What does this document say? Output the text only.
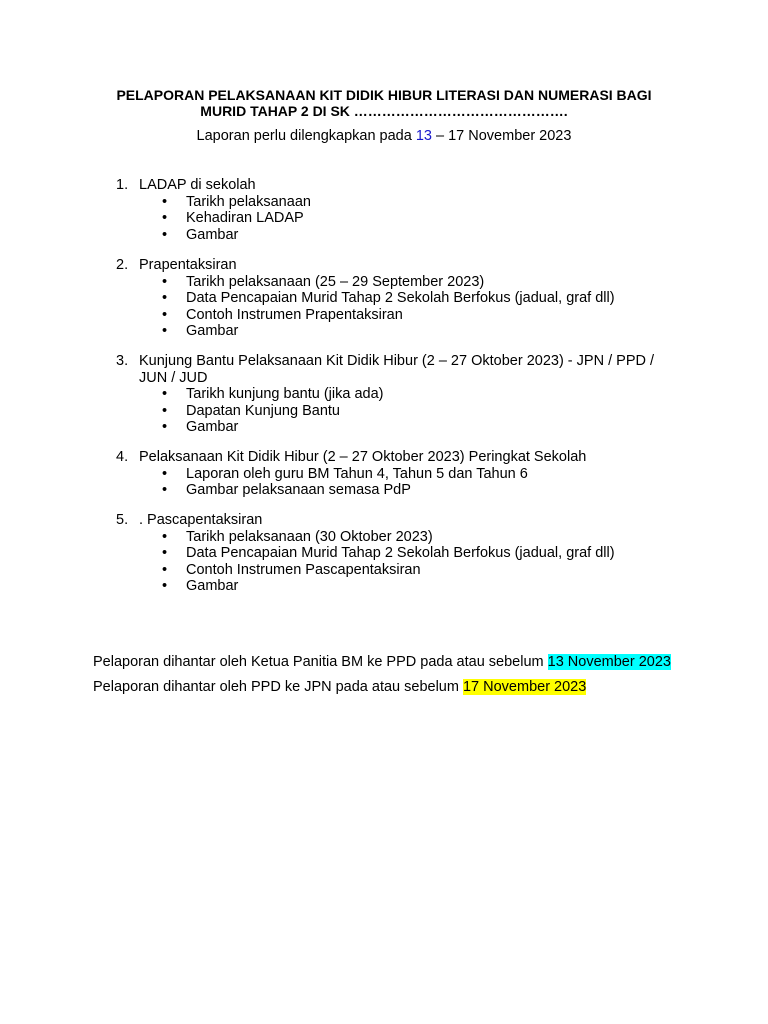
PELAPORAN PELAKSANAAN KIT DIDIK HIBUR LITERASI DAN NUMERASI BAGI
MURID TAHAP 2 DI SK ……………………………………….
Laporan perlu dilengkapkan pada 13 – 17 November 2023
1. LADAP di sekolah
• Tarikh pelaksanaan
• Kehadiran LADAP
• Gambar
2. Prapentaksiran
• Tarikh pelaksanaan (25 – 29 September 2023)
• Data Pencapaian Murid Tahap 2 Sekolah Berfokus (jadual, graf dll)
• Contoh Instrumen Prapentaksiran
• Gambar
3. Kunjung Bantu Pelaksanaan Kit Didik Hibur (2 – 27 Oktober 2023) - JPN / PPD / JUN / JUD
• Tarikh kunjung bantu (jika ada)
• Dapatan Kunjung Bantu
• Gambar
4. Pelaksanaan Kit Didik Hibur (2 – 27 Oktober 2023) Peringkat Sekolah
• Laporan oleh guru BM Tahun 4, Tahun 5 dan Tahun 6
• Gambar pelaksanaan semasa PdP
5. . Pascapentaksiran
• Tarikh pelaksanaan (30 Oktober 2023)
• Data Pencapaian Murid Tahap 2 Sekolah Berfokus (jadual, graf dll)
• Contoh Instrumen Pascapentaksiran
• Gambar
Pelaporan dihantar oleh Ketua Panitia BM ke PPD pada atau sebelum 13 November 2023
Pelaporan dihantar oleh PPD ke JPN pada atau sebelum 17 November 2023
